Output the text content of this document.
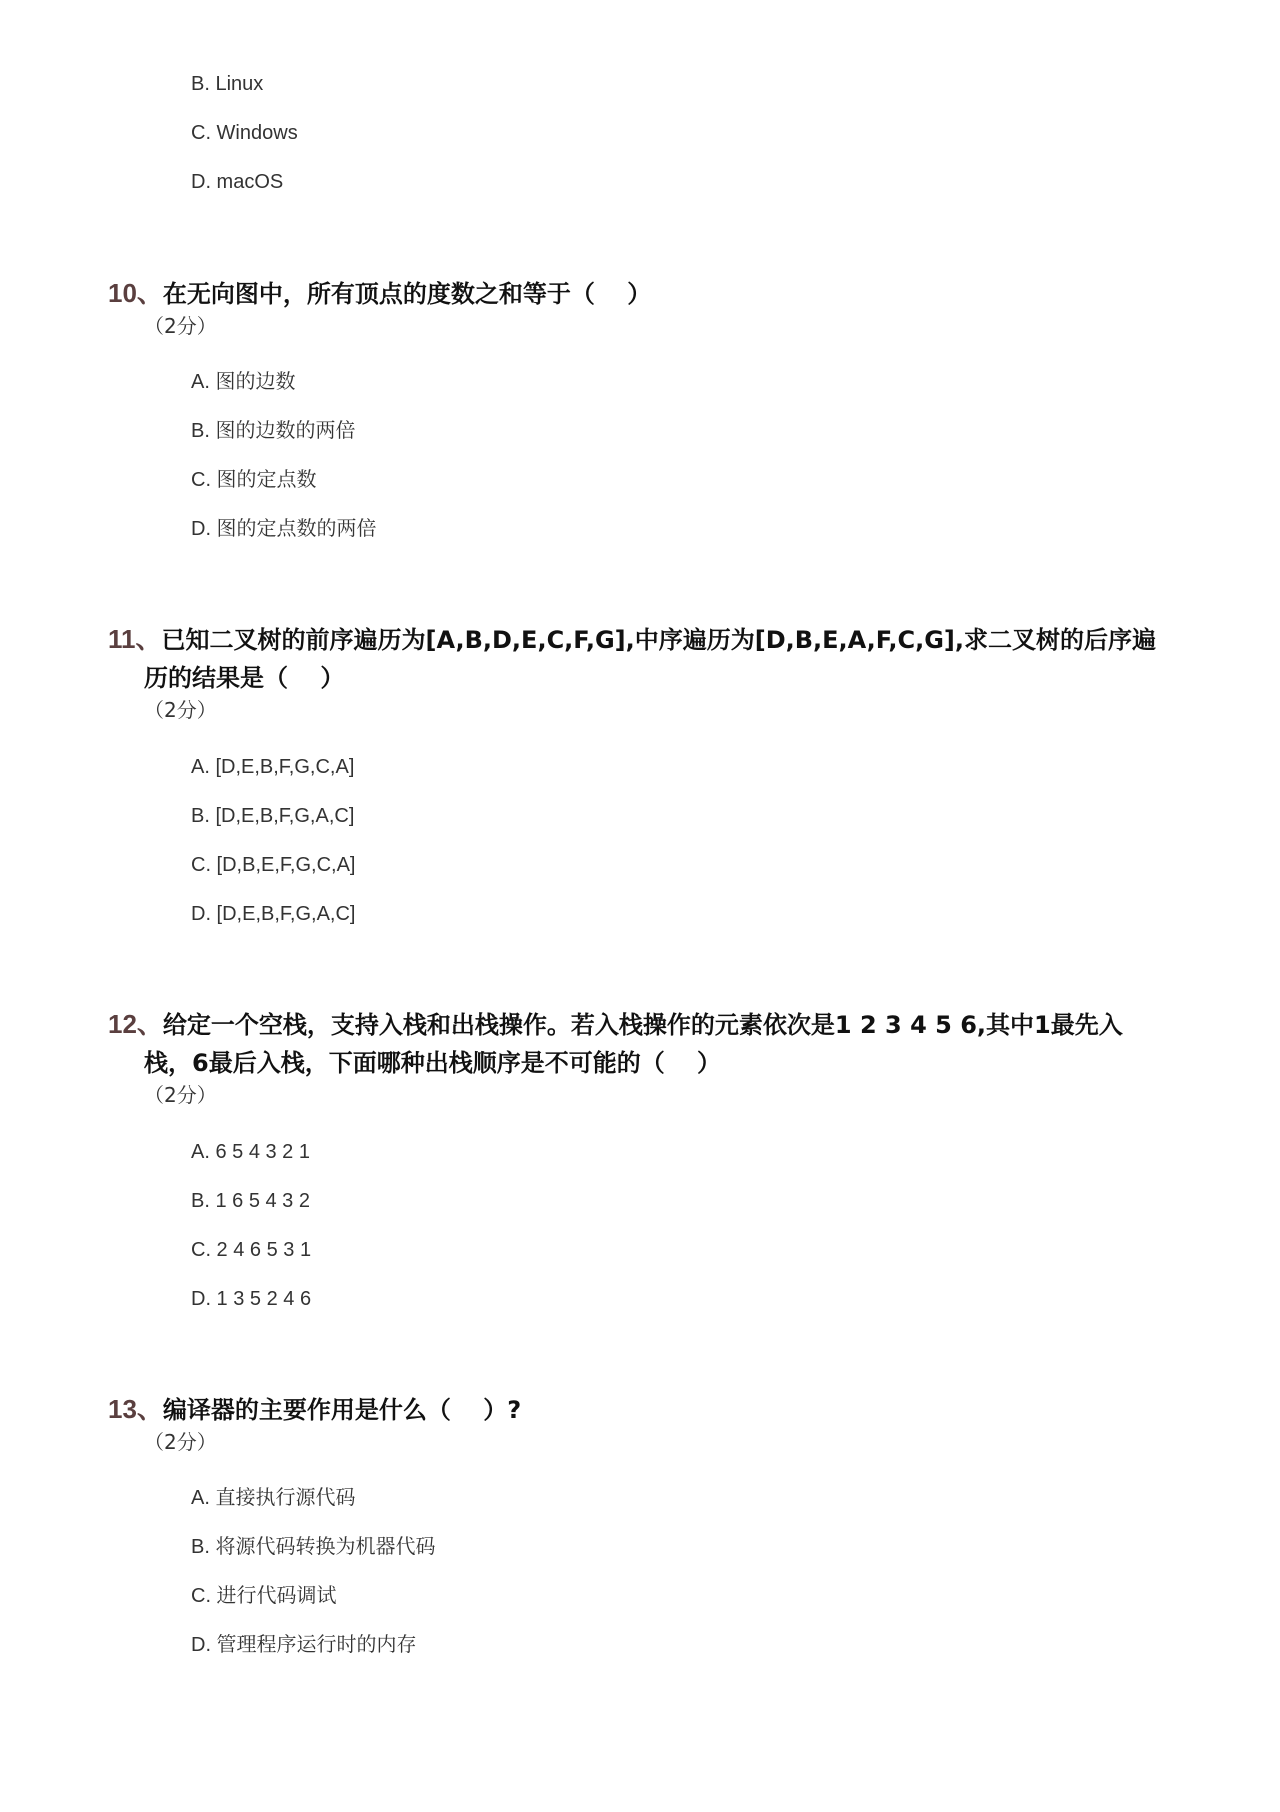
B. Linux
C. Windows
D. macOS
10、在无向图中，所有顶点的度数之和等于（　 ）
（2分）
A. 图的边数
B. 图的边数的两倍
C. 图的定点数
D. 图的定点数的两倍
11、已知二叉树的前序遍历为[A,B,D,E,C,F,G],中序遍历为[D,B,E,A,F,C,G],求二叉树的后序遍历的结果是（　 ）
（2分）
A. [D,E,B,F,G,C,A]
B. [D,E,B,F,G,A,C]
C. [D,B,E,F,G,C,A]
D. [D,E,B,F,G,A,C]
12、给定一个空栈，支持入栈和出栈操作。若入栈操作的元素依次是1 2 3 4 5 6,其中1最先入栈，6最后入栈，下面哪种出栈顺序是不可能的（　 ）
（2分）
A. 6 5 4 3 2 1
B. 1 6 5 4 3 2
C. 2 4 6 5 3 1
D. 1 3 5 2 4 6
13、编译器的主要作用是什么（　 ）?
（2分）
A. 直接执行源代码
B. 将源代码转换为机器代码
C. 进行代码调试
D. 管理程序运行时的内存
